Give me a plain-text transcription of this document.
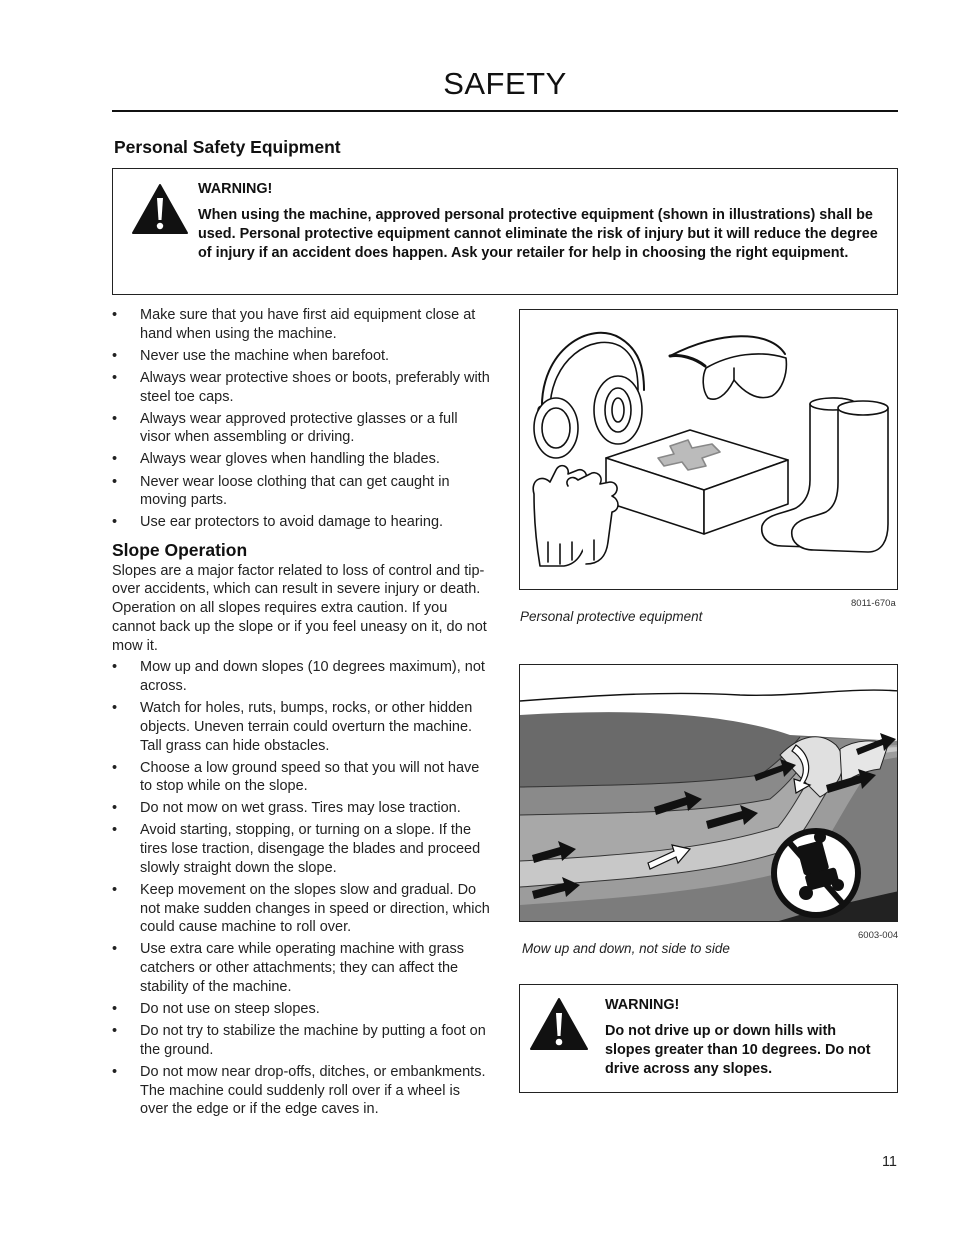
SAFETY
Personal Safety Equipment
WARNING!
When using the machine, approved personal protective equipment (shown in illustrations) shall be used. Personal protective equipment cannot eliminate the risk of injury but it will reduce the degree of injury if an accident does happen. Ask your retailer for help in choosing the right equipment.
• Make sure that you have first aid equipment close at hand when using the machine.
• Never use the machine when barefoot.
• Always wear protective shoes or boots, preferably with steel toe caps.
• Always wear approved protective glasses or a full visor when assembling or driving.
• Always wear gloves when handling the blades.
• Never wear loose clothing that can get caught in moving parts.
• Use ear protectors to avoid damage to hearing.
Slope Operation

Slopes are a major factor related to loss of control and tip-over accidents, which can result in severe injury or death. Operation on all slopes requires extra caution. If you cannot back up the slope or if you feel uneasy on it, do not mow it.

• Mow up and down slopes (10 degrees maximum), not across.
• Watch for holes, ruts, bumps, rocks, or other hidden objects. Uneven terrain could overturn the machine. Tall grass can hide obstacles.
• Choose a low ground speed so that you will not have to stop while on the slope.
• Do not mow on wet grass. Tires may lose traction.
• Avoid starting, stopping, or turning on a slope. If the tires lose traction, disengage the blades and proceed slowly straight down the slope.
• Keep movement on the slopes slow and gradual. Do not make sudden changes in speed or direction, which could cause machine to roll over.
• Use extra care while operating machine with grass catchers or other attachments; they can affect the stability of the machine.
• Do not use on steep slopes.
• Do not try to stabilize the machine by putting a foot on the ground.
• Do not mow near drop-offs, ditches, or embankments. The machine could suddenly roll over if a wheel is over the edge or if the edge caves in.
8011-670a
Personal protective equipment
6003-004
Mow up and down, not side to side
WARNING!
Do not drive up or down hills with slopes greater than 10 degrees. Do not drive across any slopes.
11
